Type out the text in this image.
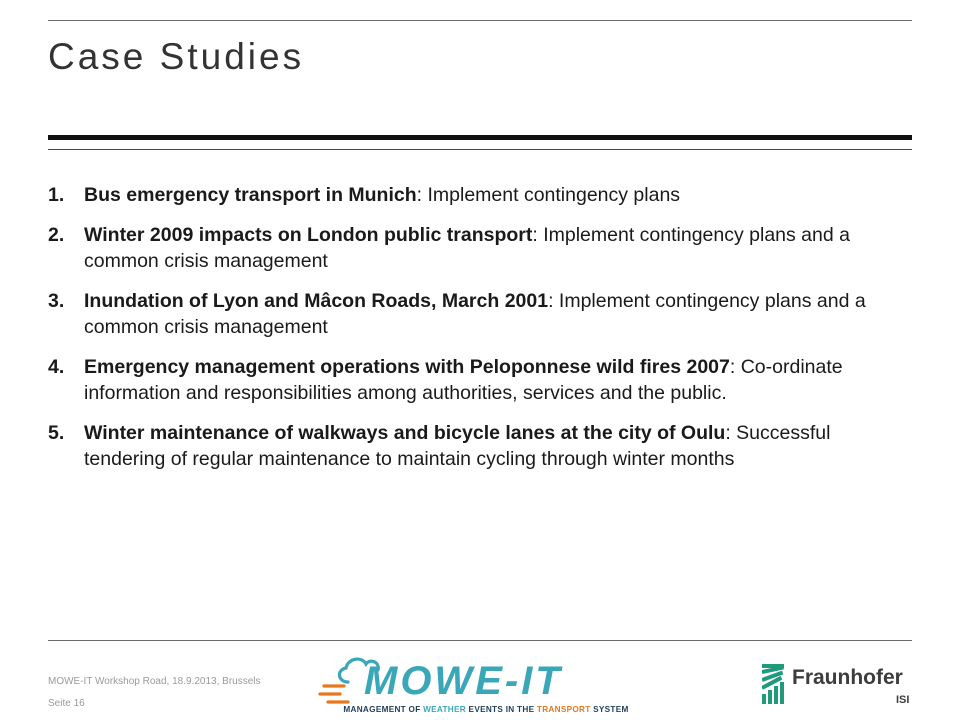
Case Studies
1. Bus emergency transport in Munich: Implement contingency plans
2. Winter 2009 impacts on London public transport: Implement contingency plans and a common crisis management
3. Inundation of Lyon and Mâcon Roads, March 2001: Implement contingency plans and a common crisis management
4. Emergency management operations with Peloponnese wild fires 2007: Co-ordinate information and responsibilities among authorities, services and the public.
5. Winter maintenance of walkways and bicycle lanes at the city of Oulu: Successful tendering of regular maintenance to maintain cycling through winter months
MOWE-IT Workshop Road, 18.9.2013, Brussels
Seite 16
MOWE-IT
MANAGEMENT OF WEATHER EVENTS IN THE TRANSPORT SYSTEM
Fraunhofer
ISI
